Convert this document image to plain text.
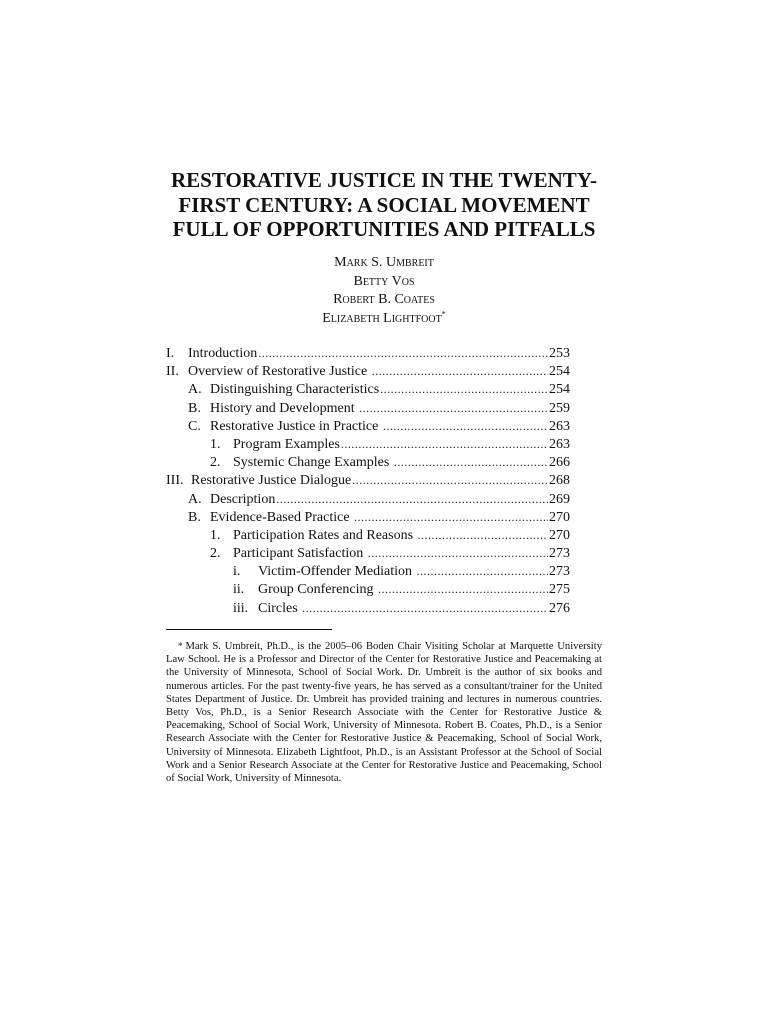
RESTORATIVE JUSTICE IN THE TWENTY-
FIRST CENTURY: A SOCIAL MOVEMENT
FULL OF OPPORTUNITIES AND PITFALLS
Mark S. Umbreit
Betty Vos
Robert B. Coates
Elizabeth Lightfoot*
I. Introduction .....	253
II. Overview of Restorative Justice .....	254
A. Distinguishing Characteristics .....	254
B. History and Development .....	259
C. Restorative Justice in Practice .....	263
1. Program Examples .....	263
2. Systemic Change Examples .....	266
III. Restorative Justice Dialogue .....	268
A. Description .....	269
B. Evidence-Based Practice .....	270
1. Participation Rates and Reasons .....	270
2. Participant Satisfaction .....	273
i.	Victim-Offender Mediation .....	273
ii. Group Conferencing .....	275
iii. Circles .....	276

* Mark S. Umbreit, Ph.D., is the 2005–06 Boden Chair Visiting Scholar at Marquette University Law School. He is a Professor and Director of the Center for Restorative Justice and Peacemaking at the University of Minnesota, School of Social Work. Dr. Umbreit is the author of six books and numerous articles. For the past twenty-five years, he has served as a consultant/trainer for the United States Department of Justice. Dr. Umbreit has provided training and lectures in numerous countries. Betty Vos, Ph.D., is a Senior Research Associate with the Center for Restorative Justice & Peacemaking, School of Social Work, University of Minnesota. Robert B. Coates, Ph.D., is a Senior Research Associate with the Center for Restorative Justice & Peacemaking, School of Social Work, University of Minnesota. Elizabeth Lightfoot, Ph.D., is an Assistant Professor at the School of Social Work and a Senior Research Associate at the Center for Restorative Justice and Peacemaking, School of Social Work, University of Minnesota.
